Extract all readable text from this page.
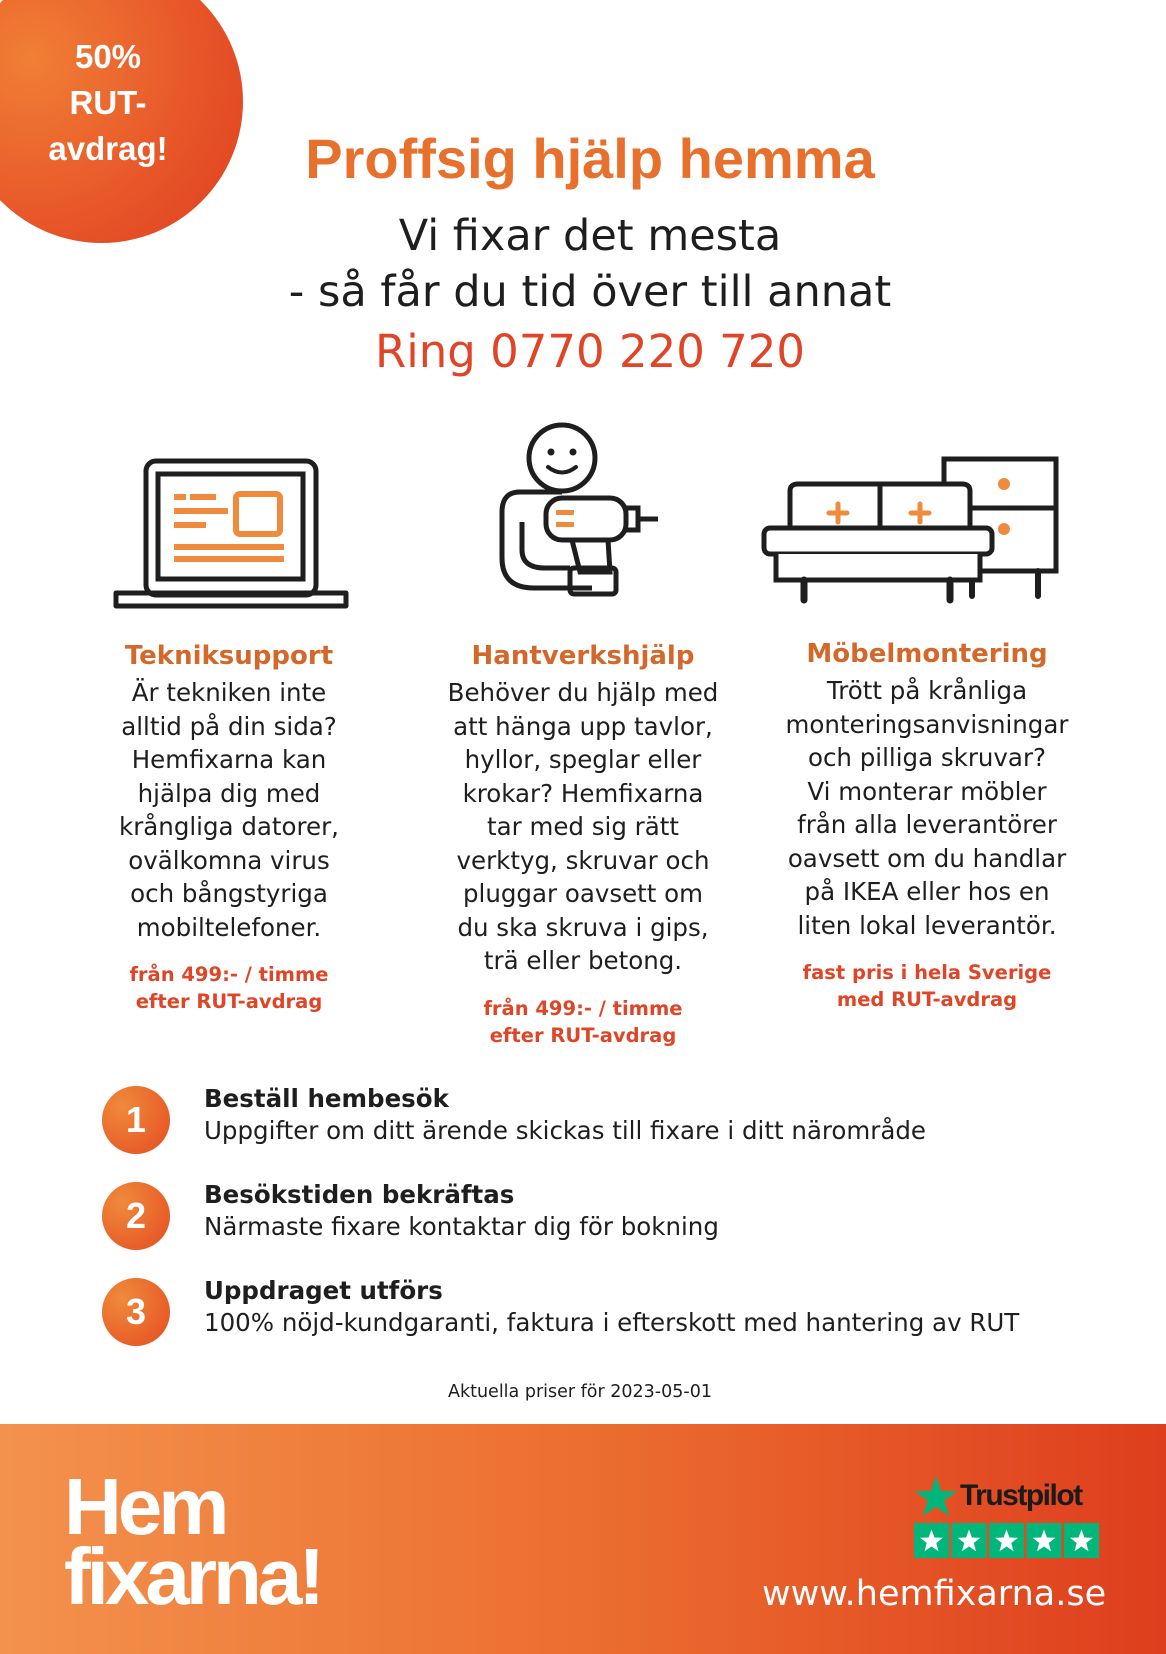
50%
RUT-
avdrag!	Proffsig hjälp hemma
Vi fixar det mesta
- så får du tid över till annat
Ring 0770 220 720
Tekniksupport
Är tekniken inte
alltid på din sida?
Hemfixarna kan
hjälpa dig med
krångliga datorer,
ovälkomna virus
och bångstyriga
mobiltelefoner.
från 499:- / timme
efter RUT-avdrag
Hantverkshjälp
Behöver du hjälp med
att hänga upp tavlor,
hyllor, speglar eller
krokar? Hemfixarna
tar med sig rätt
verktyg, skruvar och
pluggar oavsett om
du ska skruva i gips,
trä eller betong.
från 499:- / timme
efter RUT-avdrag
Möbelmontering
Trött på krånliga
monteringsanvisningar
och pilliga skruvar?
Vi monterar möbler
från alla leverantörer
oavsett om du handlar
på IKEA eller hos en
liten lokal leverantör.
fast pris i hela Sverige
med RUT-avdrag
1
Beställ hembesök
Uppgifter om ditt ärende skickas till fixare i ditt närområde
2
Besökstiden bekräftas
Närmaste fixare kontaktar dig för bokning
3
Uppdraget utförs
100% nöjd-kundgaranti, faktura i efterskott med hantering av RUT
Aktuella priser för 2023-05-01
Hem
fixarna!
Trustpilot
www.hemfixarna.se
